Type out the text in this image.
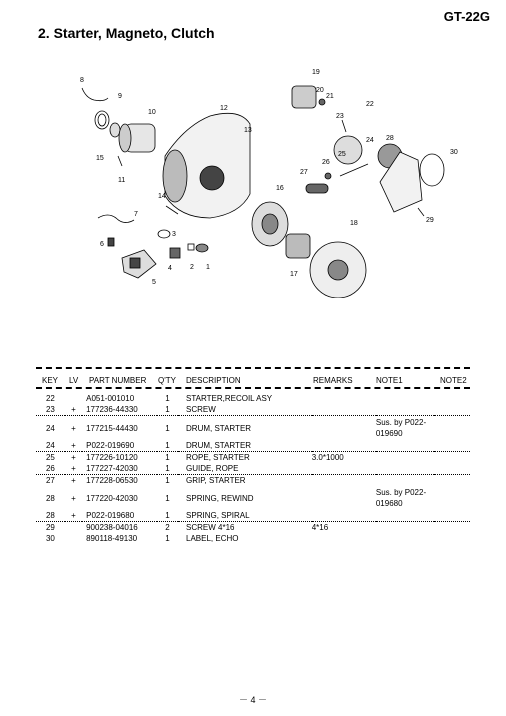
GT-22G
2. Starter, Magneto, Clutch
1
2
3
4
5
6
7
8
9
10
11
12
13
14
15
16
17
18
19
20
21
22
23
24
25
26
27
28
29
30
KEY LV PART NUMBER Q'TY DESCRIPTION	REMARKS	NOTE1	NOTE2
22		A051-001010	1	STARTER,RECOIL ASY			
23	+	177236-44330	1	SCREW			
24	+	177215-44430	1	DRUM, STARTER		Sus. by P022-019690	
24	+	P022-019690	1	DRUM, STARTER			
25	+	177226-10120	1	ROPE, STARTER	3.0*1000		
26	+	177227-42030	1	GUIDE, ROPE			
27	+	177228-06530	1	GRIP, STARTER			
28	+	177220-42030	1	SPRING, REWIND		Sus. by P022-019680	
28	+	P022-019680	1	SPRING, SPIRAL			
29		900238-04016	2	SCREW 4*16	4*16		
30		890118-49130	1	LABEL, ECHO			
－ 4 －
